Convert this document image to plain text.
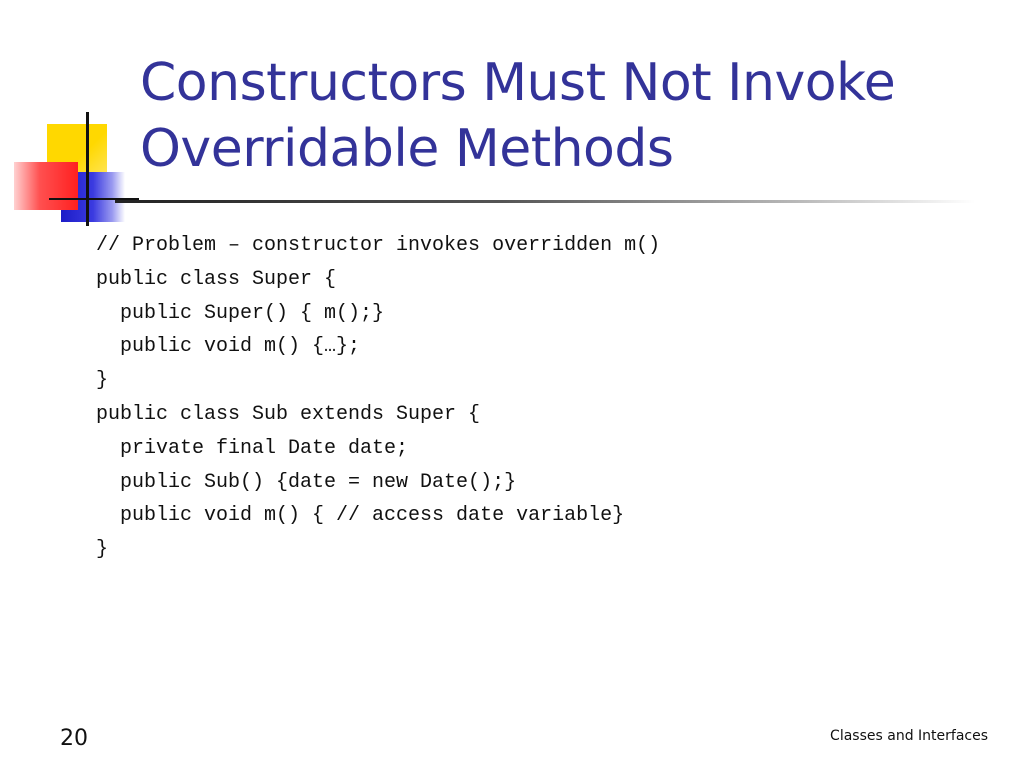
Constructors Must Not Invoke
Overridable Methods
// Problem – constructor invokes overridden m()
public class Super {
public Super() { m();}
public void m() {…};
}
public class Sub extends Super {
private final Date date;
public Sub() {date = new Date();}
public void m() { // access date variable}
}
20	Classes and Interfaces
